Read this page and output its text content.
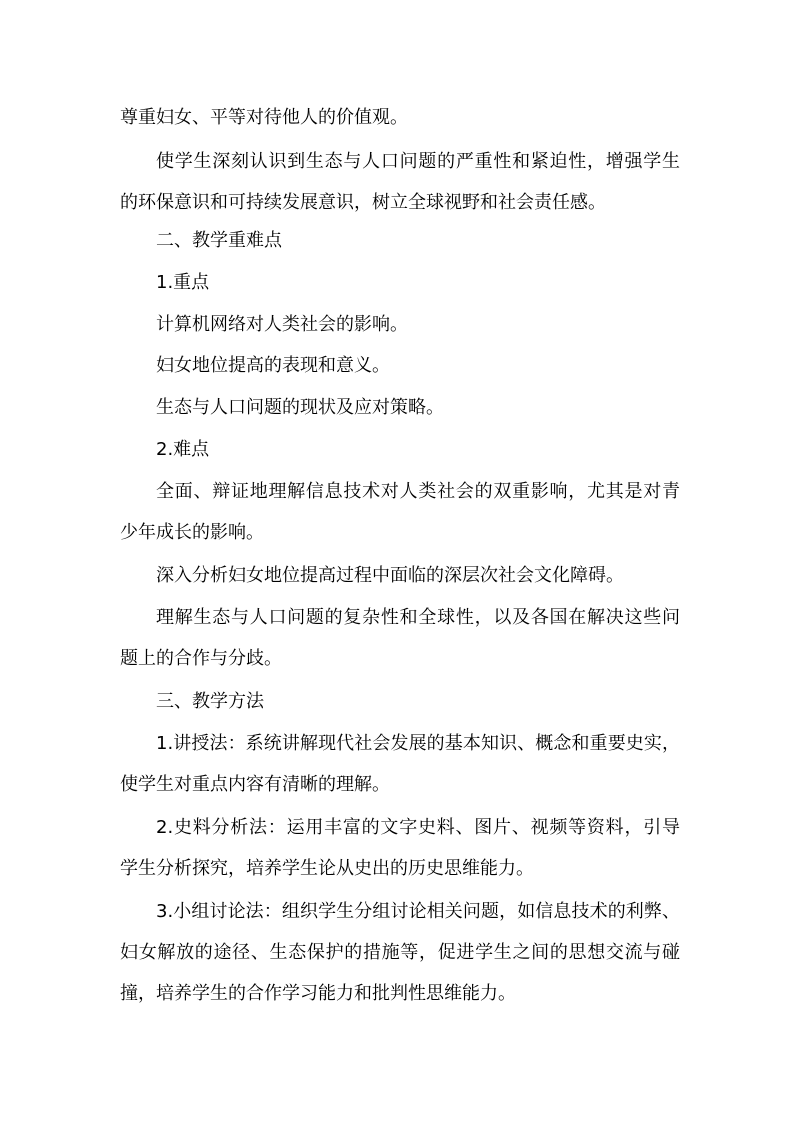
尊重妇女、平等对待他人的价值观。

使学生深刻认识到生态与人口问题的严重性和紧迫性，增强学生
的环保意识和可持续发展意识，树立全球视野和社会责任感。

二、教学重难点

1.重点

计算机网络对人类社会的影响。

妇女地位提高的表现和意义。

生态与人口问题的现状及应对策略。

2.难点

全面、辩证地理解信息技术对人类社会的双重影响，尤其是对青
少年成长的影响。

深入分析妇女地位提高过程中面临的深层次社会文化障碍。

理解生态与人口问题的复杂性和全球性，以及各国在解决这些问
题上的合作与分歧。

三、教学方法

1.讲授法：系统讲解现代社会发展的基本知识、概念和重要史实，
使学生对重点内容有清晰的理解。

2.史料分析法：运用丰富的文字史料、图片、视频等资料，引导
学生分析探究，培养学生论从史出的历史思维能力。

3.小组讨论法：组织学生分组讨论相关问题，如信息技术的利弊、
妇女解放的途径、生态保护的措施等，促进学生之间的思想交流与碰
撞，培养学生的合作学习能力和批判性思维能力。
